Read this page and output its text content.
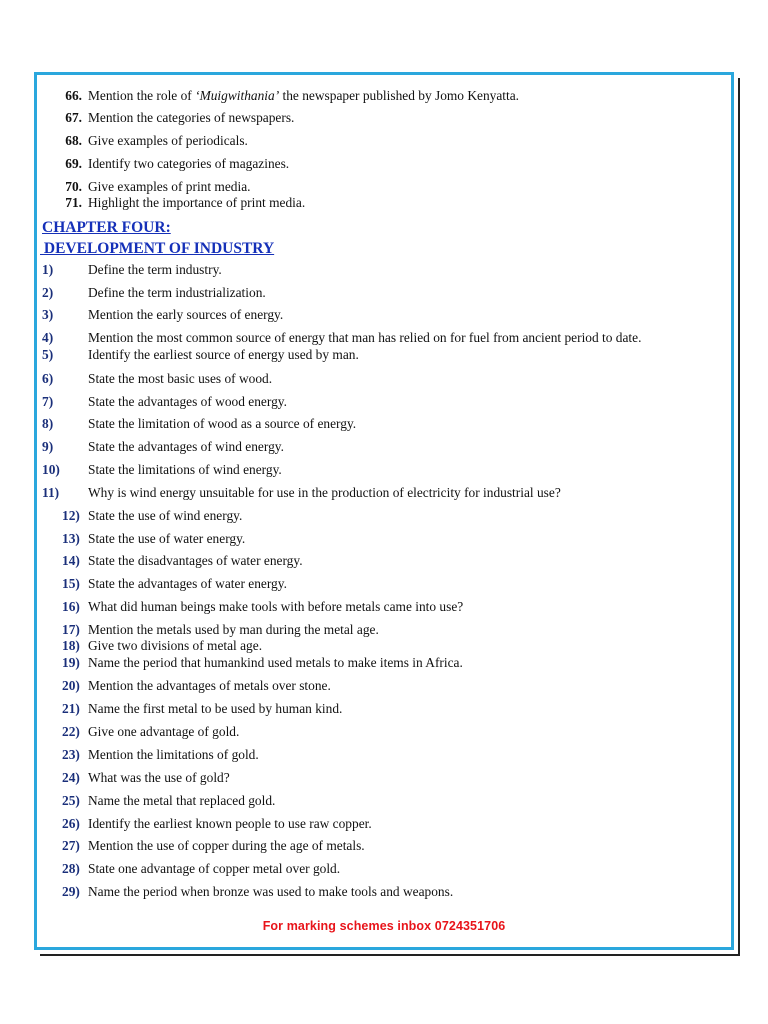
66. Mention the role of ‘Muigwithania’ the newspaper published by Jomo Kenyatta.
67. Mention the categories of newspapers.
68. Give examples of periodicals.
69. Identify two categories of magazines.
70. Give examples of print media.
71. Highlight the importance of print media.
CHAPTER FOUR:
DEVELOPMENT OF INDUSTRY
1)	Define the term industry.
2)	Define the term industrialization.
3)	Mention the early sources of energy.
4)	Mention the most common source of energy that man has relied on for fuel from ancient period to date.
5)	Identify the earliest source of energy used by man.
6)	State the most basic uses of wood.
7)	State the advantages of wood energy.
8)	State the limitation of wood as a source of energy.
9)	State the advantages of wind energy.
10) State the limitations of wind energy.
11) Why is wind energy unsuitable for use in the production of electricity for industrial use?
12) State the use of wind energy.
13) State the use of water energy.
14) State the disadvantages of water energy.
15) State the advantages of water energy.
16) What did human beings make tools with before metals came into use?
17) Mention the metals used by man during the metal age.
18) Give two divisions of metal age.
19) Name the period that humankind used metals to make items in Africa.
20) Mention the advantages of metals over stone.
21) Name the first metal to be used by human kind.
22) Give one advantage of gold.
23) Mention the limitations of gold.
24) What was the use of gold?
25) Name the metal that replaced gold.
26) Identify the earliest known people to use raw copper.
27) Mention the use of copper during the age of metals.
28) State one advantage of copper metal over gold.
29) Name the period when bronze was used to make tools and weapons.
For marking schemes inbox 0724351706
